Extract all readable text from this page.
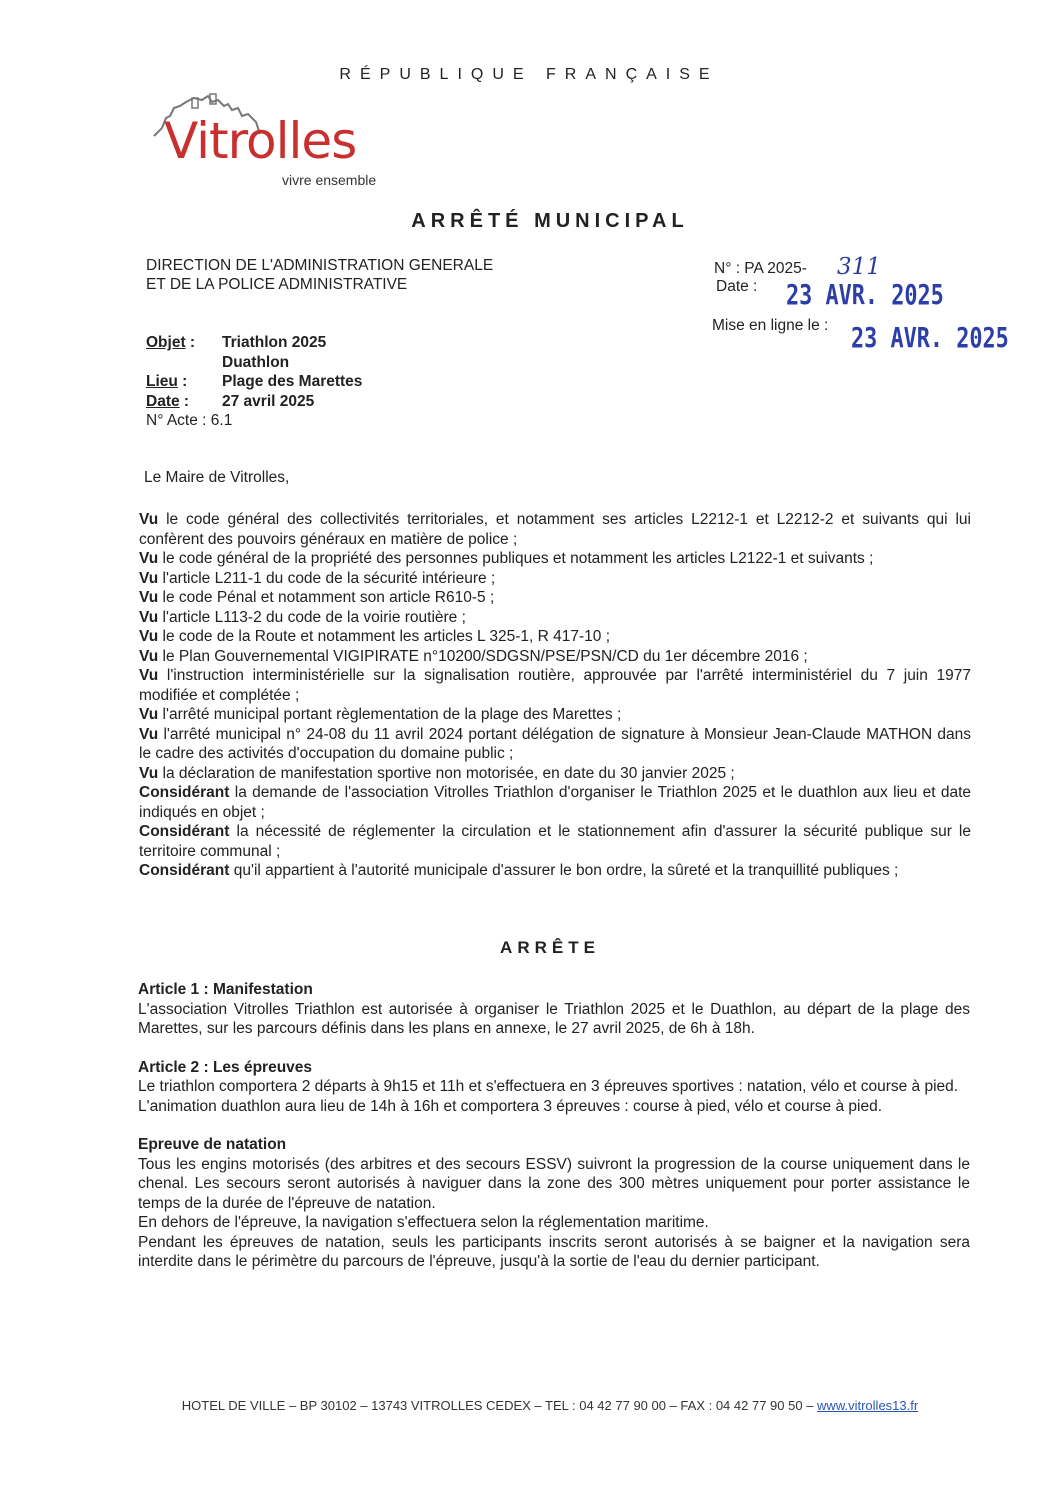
RÉPUBLIQUE FRANÇAISE
Vitrolles
vivre ensemble
ARRÊTÉ MUNICIPAL
DIRECTION DE L'ADMINISTRATION GENERALE
ET DE LA POLICE ADMINISTRATIVE
N° : PA 2025- 311
Date : 23 AVR. 2025
Mise en ligne le : 23 AVR. 2025
Objet :	Triathlon 2025
Duathlon
Lieu :	Plage des Marettes
Date :	27 avril 2025
N° Acte : 6.1
Le Maire de Vitrolles,

Vu le code général des collectivités territoriales, et notamment ses articles L2212-1 et L2212-2 et suivants qui lui confèrent des pouvoirs généraux en matière de police ;

Vu le code général de la propriété des personnes publiques et notamment les articles L2122-1 et suivants ;

Vu l'article L211-1 du code de la sécurité intérieure ;

Vu le code Pénal et notamment son article R610-5 ;

Vu l'article L113-2 du code de la voirie routière ;

Vu le code de la Route et notamment les articles L 325-1, R 417-10 ;

Vu le Plan Gouvernemental VIGIPIRATE n°10200/SDGSN/PSE/PSN/CD du 1er décembre 2016 ;

Vu l'instruction interministérielle sur la signalisation routière, approuvée par l'arrêté interministériel du 7 juin 1977 modifiée et complétée ;

Vu l'arrêté municipal portant règlementation de la plage des Marettes ;

Vu l'arrêté municipal n° 24-08 du 11 avril 2024 portant délégation de signature à Monsieur Jean-Claude MATHON dans le cadre des activités d'occupation du domaine public ;

Vu la déclaration de manifestation sportive non motorisée, en date du 30 janvier 2025 ;

Considérant la demande de l'association Vitrolles Triathlon d'organiser le Triathlon 2025 et le duathlon aux lieu et date indiqués en objet ;

Considérant la nécessité de réglementer la circulation et le stationnement afin d'assurer la sécurité publique sur le territoire communal ;

Considérant qu'il appartient à l'autorité municipale d'assurer le bon ordre, la sûreté et la tranquillité publiques ;

ARRÊTE
Article 1 : Manifestation

L'association Vitrolles Triathlon est autorisée à organiser le Triathlon 2025 et le Duathlon, au départ de la plage des Marettes, sur les parcours définis dans les plans en annexe, le 27 avril 2025, de 6h à 18h.

Article 2 : Les épreuves

Le triathlon comportera 2 départs à 9h15 et 11h et s'effectuera en 3 épreuves sportives : natation, vélo et course à pied.

L'animation duathlon aura lieu de 14h à 16h et comportera 3 épreuves : course à pied, vélo et course à pied.

Epreuve de natation

Tous les engins motorisés (des arbitres et des secours ESSV) suivront la progression de la course uniquement dans le chenal. Les secours seront autorisés à naviguer dans la zone des 300 mètres uniquement pour porter assistance le temps de la durée de l'épreuve de natation.

En dehors de l'épreuve, la navigation s'effectuera selon la réglementation maritime.

Pendant les épreuves de natation, seuls les participants inscrits seront autorisés à se baigner et la navigation sera interdite dans le périmètre du parcours de l'épreuve, jusqu'à la sortie de l'eau du dernier participant.

HOTEL DE VILLE – BP 30102 – 13743 VITROLLES CEDEX – TEL : 04 42 77 90 00 – FAX : 04 42 77 90 50 – www.vitrolles13.fr
